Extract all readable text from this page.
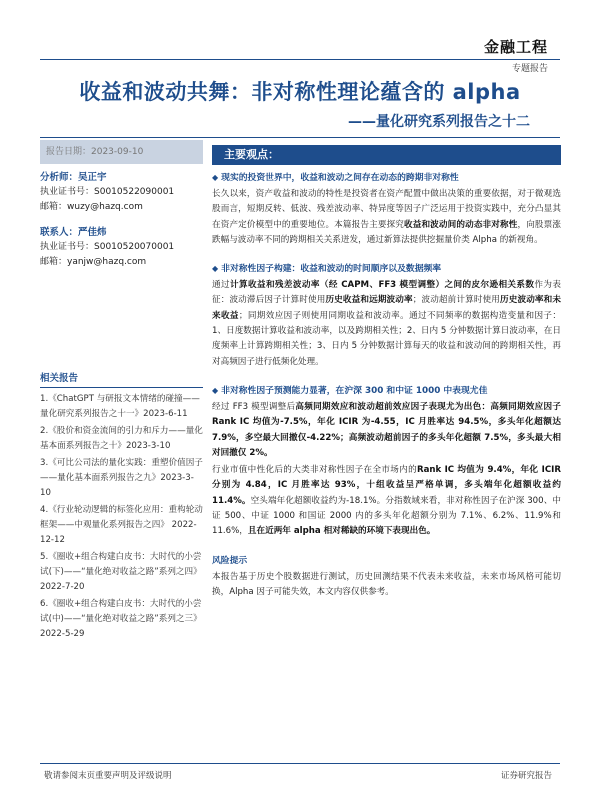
金融工程
专题报告
收益和波动共舞：非对称性理论蕴含的 alpha
——量化研究系列报告之十二
报告日期：2023-09-10
分析师：吴正宇
执业证书号：S0010522090001
邮箱：wuzy@hazq.com
联系人：严佳炜
执业证书号：S0010520070001
邮箱：yanjw@hazq.com
相关报告
1.《ChatGPT 与研报文本情绪的碰撞——量化研究系列报告之十一》2023-6-11
2.《股价和资金流间的引力和斥力——量化基本面系列报告之十》2023-3-10
3.《可比公司法的量化实践：重塑价值因子——量化基本面系列报告之九》2023-3-10
4.《行业轮动逻辑的标签化应用：重构轮动框架——中观量化系列报告之四》 2022-12-12
5.《圈收+组合构建白皮书：大时代的小尝试(下)——“量化绝对收益之路”系列之四》 2022-7-20
6.《圈收+组合构建白皮书：大时代的小尝试(中)——“量化绝对收益之路”系列之三》2022-5-29
主要观点：
◆ 现实的投资世界中，收益和波动之间存在动态的跨期非对称性

长久以来，资产收益和波动的特性是投资者在资产配置中做出决策的重要依据，对于微观选股而言，短期反转、低波、残差波动率、特异度等因子广泛运用于投资实践中，充分凸显其在资产定价模型中的重要地位。本篇报告主要探究收益和波动间的动态非对称性，向股票涨跌幅与波动率不同的跨期相关关系迸发，通过新算法提供挖掘量价类 Alpha 的新视角。

◆ 非对称性因子构建：收益和波动的时间顺序以及数据频率

通过计算收益和残差波动率（经 CAPM、FF3 模型调整）之间的皮尔逊相关系数作为表征：波动滞后因子计算时使用历史收益和远期波动率；波动超前计算时使用历史波动率和未来收益；同期效应因子则使用同期收益和波动率。通过不同频率的数据构造变量和因子：1、日度数据计算收益和波动率，以及跨期相关性；2、日内 5 分钟数据计算日波动率，在日度频率上计算跨期相关性；3、日内 5 分钟数据计算每天的收益和波动间的跨期相关性，再对高频因子进行低频化处理。

◆ 非对称性因子预测能力显著，在沪深 300 和中证 1000 中表现尤佳

经过 FF3 模型调整后高频同期效应和波动超前效应因子表现尤为出色：高频同期效应因子 Rank IC 均值为-7.5%，年化 ICIR 为-4.55，IC 月胜率达 94.5%，多头年化超额达 7.9%，多空最大回撤仅-4.22%；高频波动超前因子的多头年化超额 7.5%，多头最大相对回撤仅 2%。

行业市值中性化后的大类非对称性因子在全市场内的Rank IC 均值为 9.4%，年化 ICIR 分别为 4.84，IC 月胜率达 93%，十组收益呈严格单调，多头端年化超额收益约 11.4%。空头端年化超额收益约为-18.1%。分指数域来看，非对称性因子在沪深 300、中证 500、中证 1000 和国证 2000 内的多头年化超额分别为 7.1%、6.2%、11.9%和 11.6%，且在近两年 alpha 相对稀缺的环境下表现出色。

风险提示

本报告基于历史个股数据进行测试，历史回测结果不代表未来收益，未来市场风格可能切换，Alpha 因子可能失效，本文内容仅供参考。

敬请参阅末页重要声明及评级说明	证券研究报告
